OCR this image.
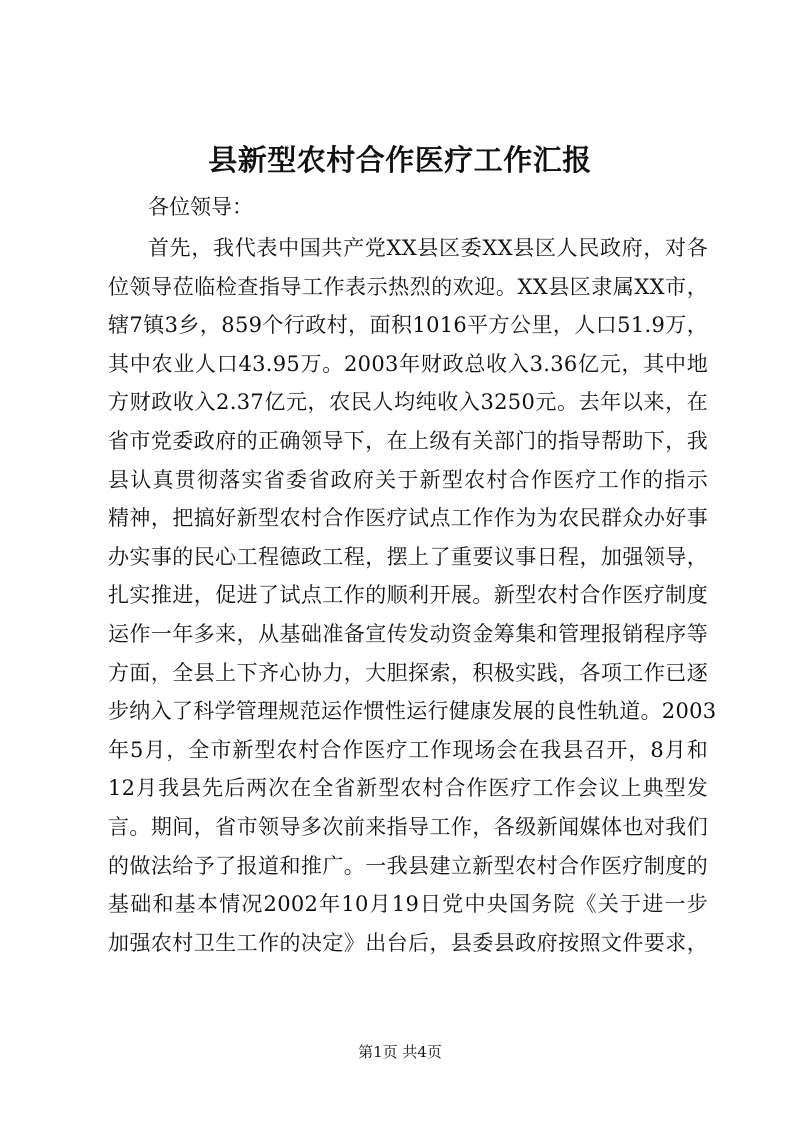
县新型农村合作医疗工作汇报
各位领导：
首先，我代表中国共产党XX县区委XX县区人民政府，对各
位领导莅临检查指导工作表示热烈的欢迎。XX县区隶属XX市，
辖7镇3乡，859个行政村，面积1016平方公里，人口51.9万，
其中农业人口43.95万。2003年财政总收入3.36亿元，其中地
方财政收入2.37亿元，农民人均纯收入3250元。去年以来，在
省市党委政府的正确领导下，在上级有关部门的指导帮助下，我
县认真贯彻落实省委省政府关于新型农村合作医疗工作的指示
精神，把搞好新型农村合作医疗试点工作作为为农民群众办好事
办实事的民心工程德政工程，摆上了重要议事日程，加强领导，
扎实推进，促进了试点工作的顺利开展。新型农村合作医疗制度
运作一年多来，从基础准备宣传发动资金筹集和管理报销程序等
方面，全县上下齐心协力，大胆探索，积极实践，各项工作已逐
步纳入了科学管理规范运作惯性运行健康发展的良性轨道。2003
年5月，全市新型农村合作医疗工作现场会在我县召开，8月和
12月我县先后两次在全省新型农村合作医疗工作会议上典型发
言。期间，省市领导多次前来指导工作，各级新闻媒体也对我们
的做法给予了报道和推广。一我县建立新型农村合作医疗制度的
基础和基本情况2002年10月19日党中央国务院《关于进一步
加强农村卫生工作的决定》出台后，县委县政府按照文件要求，
第1页 共4页
